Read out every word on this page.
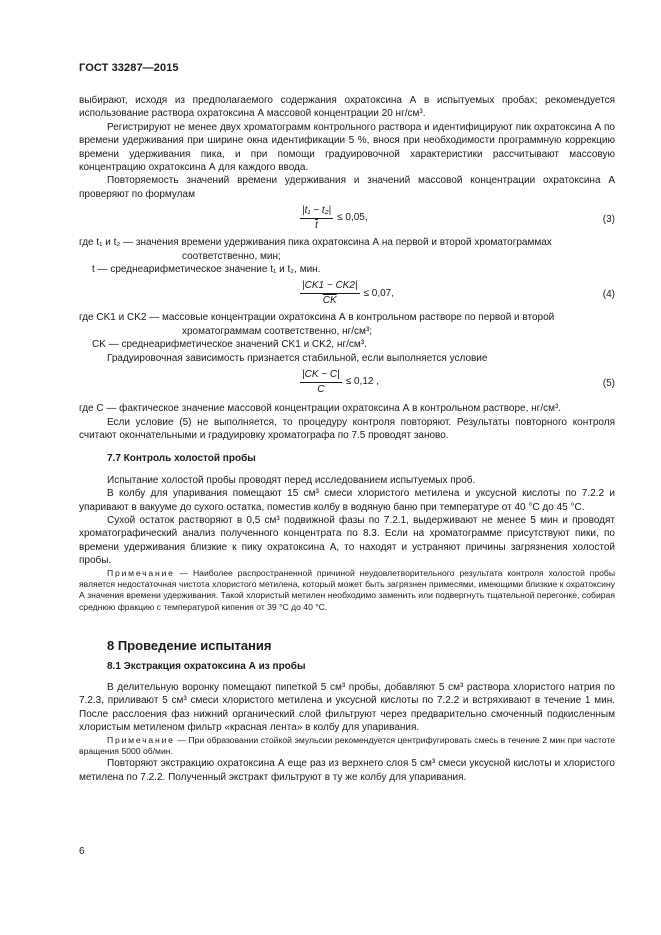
ГОСТ 33287—2015

выбирают, исходя из предполагаемого содержания охратоксина А в испытуемых пробах; рекомендуется использование раствора охратоксина А массовой концентрации 20 нг/см³.

Регистрируют не менее двух хроматограмм контрольного раствора и идентифицируют пик охратоксина А по времени удерживания при ширине окна идентификации 5 %, внося при необходимости программную коррекцию времени удерживания пика, и при помощи градуировочной характеристики рассчитывают массовую концентрацию охратоксина А для каждого ввода.

Повторяемость значений времени удерживания и значений массовой концентрации охратоксина А проверяют по формулам

$\frac{\text{|t₁ − t₂|}}{t} \le 0,05$,	(3)

где t₁ и t₂ — значения времени удерживания пика охратоксина А на первой и второй хроматограммах

соответственно, мин;

t — среднеарифметическое значение t₁ и t₂, мин.

$\frac{|CK1 - CK2|}{CK} \le 0,07$,	(4)

где CK1 и CK2 — массовые концентрации охратоксина А в контрольном растворе по первой и второй

хроматограммам соответственно, нг/см³;

CK — среднеарифметическое значений CK1 и CK2, нг/см³.

Градуировочная зависимость признается стабильной, если выполняется условие

$\frac{|CK - C|}{C} \le 0,12$ ,	(5)

где C — фактическое значение массовой концентрации охратоксина А в контрольном растворе, нг/см³.

Если условие (5) не выполняется, то процедуру контроля повторяют. Результаты повторного контроля считают окончательными и градуировку хроматографа по 7.5 проводят заново.

7.7 Контроль холостой пробы

Испытание холостой пробы проводят перед исследованием испытуемых проб.

В колбу для упаривания помещают 15 см³ смеси хлористого метилена и уксусной кислоты по 7.2.2 и упаривают в вакууме до сухого остатка, поместив колбу в водяную баню при температуре от 40 °С до 45 °С.

Сухой остаток растворяют в 0,5 см³ подвижной фазы по 7.2.1, выдерживают не менее 5 мин и проводят хроматографический анализ полученного концентрата по 8.3. Если на хроматограмме присутствуют пики, по времени удерживания близкие к пику охратоксина А, то находят и устраняют причины загрязнения холостой пробы.

Примечание — Наиболее распространенной причиной неудовлетворительного результата контроля холостой пробы является недостаточная чистота хлористого метилена, который может быть загрязнен примесями, имеющими близкие к охратоксину А значения времени удерживания. Такой хлористый метилен необходимо заменить или подвергнуть тщательной перегонке, собирая среднюю фракцию с температурой кипения от 39 °С до 40 °С.

8 Проведение испытания
8.1 Экстракция охратоксина А из пробы

В делительную воронку помещают пипеткой 5 см³ пробы, добавляют 5 см³ раствора хлористого натрия по 7.2.3, приливают 5 см³ смеси хлористого метилена и уксусной кислоты по 7.2.2 и встряхивают в течение 1 мин. После расслоения фаз нижний органический слой фильтруют через предварительно смоченный подкисленным хлористым метиленом фильтр «красная лента» в колбу для упаривания.

Примечание — При образовании стойкой эмульсии рекомендуется центрифугировать смесь в течение 2 мин при частоте вращения 5000 об/мин.

Повторяют экстракцию охратоксина А еще раз из верхнего слоя 5 см³ смеси уксусной кислоты и хлористого метилена по 7.2.2. Полученный экстракт фильтруют в ту же колбу для упаривания.

6
